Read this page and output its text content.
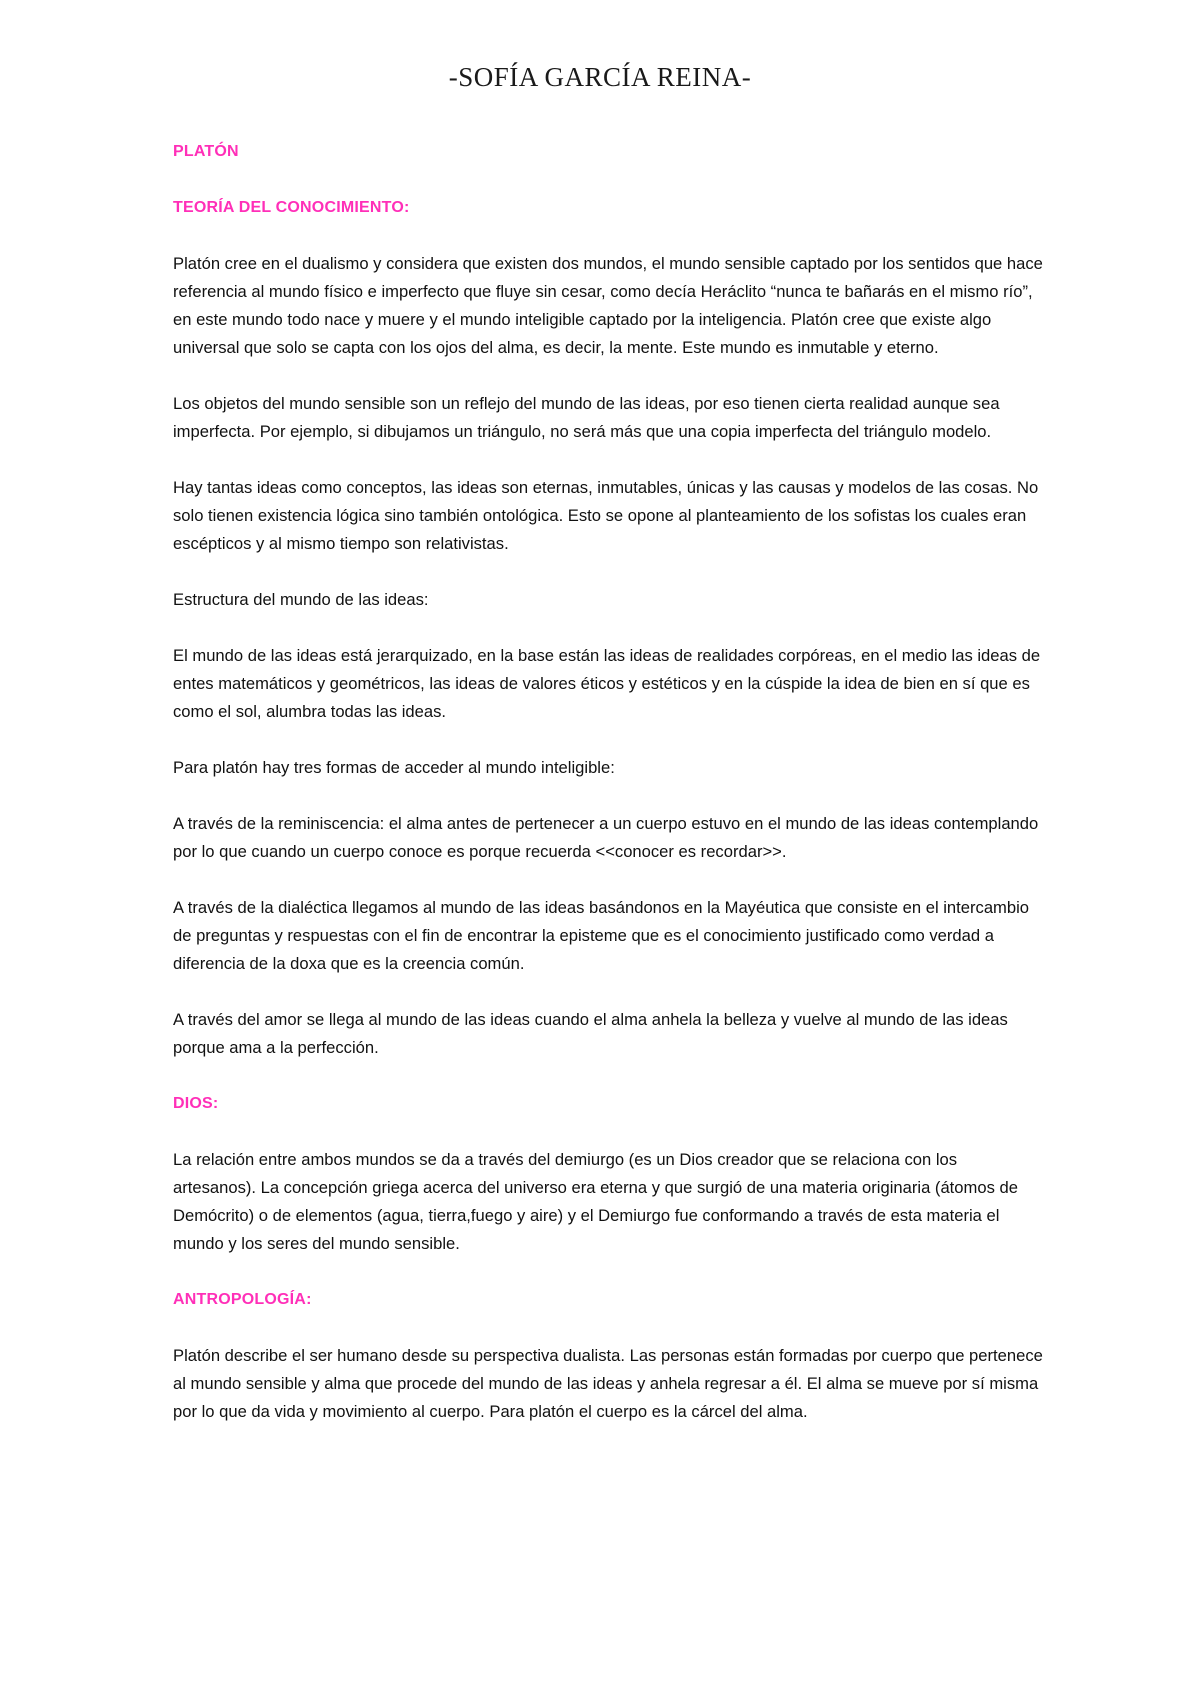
-SOFÍA GARCÍA REINA-

PLATÓN

TEORÍA DEL CONOCIMIENTO:

Platón cree en el dualismo y considera que existen dos mundos, el mundo sensible captado por los sentidos que hace referencia al mundo físico e imperfecto que fluye sin cesar, como decía Heráclito “nunca te bañarás en el mismo río”, en este mundo todo nace y muere y el mundo inteligible captado por la inteligencia. Platón cree que existe algo universal que solo se capta con los ojos del alma, es decir, la mente. Este mundo es inmutable y eterno.

Los objetos del mundo sensible son un reflejo del mundo de las ideas, por eso tienen cierta realidad aunque sea imperfecta. Por ejemplo, si dibujamos un triángulo, no será más que una copia imperfecta del triángulo modelo.

Hay tantas ideas como conceptos, las ideas son eternas, inmutables, únicas y las causas y modelos de las cosas. No solo tienen existencia lógica sino también ontológica. Esto se opone al planteamiento de los sofistas los cuales eran escépticos y al mismo tiempo son relativistas.

Estructura del mundo de las ideas:

El mundo de las ideas está jerarquizado, en la base están las ideas de realidades corpóreas, en el medio las ideas de entes matemáticos y geométricos, las ideas de valores éticos y estéticos y en la cúspide la idea de bien en sí que es como el sol, alumbra todas las ideas.

Para platón hay tres formas de acceder al mundo inteligible:

A través de la reminiscencia: el alma antes de pertenecer a un cuerpo estuvo en el mundo de las ideas contemplando por lo que cuando un cuerpo conoce es porque recuerda <<conocer es recordar>>.

A través de la dialéctica llegamos al mundo de las ideas basándonos en la Mayéutica que consiste en el intercambio de preguntas y respuestas con el fin de encontrar la episteme que es el conocimiento justificado como verdad a diferencia de la doxa que es la creencia común.

A través del amor se llega al mundo de las ideas cuando el alma anhela la belleza y vuelve al mundo de las ideas porque ama a la perfección.

DIOS:

La relación entre ambos mundos se da a través del demiurgo (es un Dios creador que se relaciona con los artesanos). La concepción griega acerca del universo era eterna y que surgió de una materia originaria (átomos de Demócrito) o de elementos (agua, tierra,fuego y aire) y el Demiurgo fue conformando a través de esta materia el mundo y los seres del mundo sensible.

ANTROPOLOGÍA:

Platón describe el ser humano desde su perspectiva dualista. Las personas están formadas por cuerpo que pertenece al mundo sensible y alma que procede del mundo de las ideas y anhela regresar a él. El alma se mueve por sí misma por lo que da vida y movimiento al cuerpo. Para platón el cuerpo es la cárcel del alma.
